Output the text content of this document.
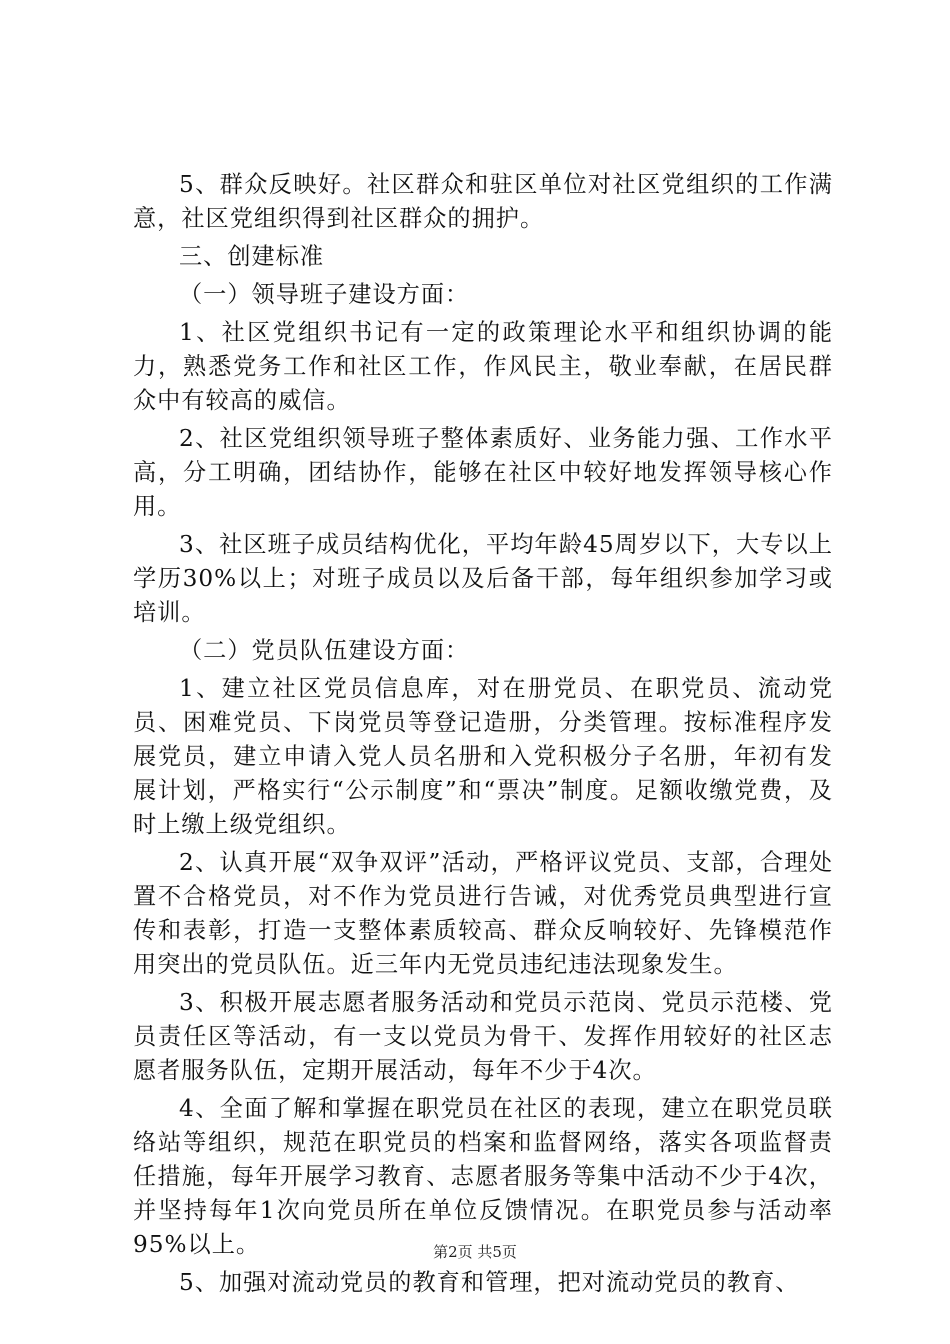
5、群众反映好。社区群众和驻区单位对社区党组织的工作满意，社区党组织得到社区群众的拥护。

三、创建标准

（一）领导班子建设方面：

1、社区党组织书记有一定的政策理论水平和组织协调的能力，熟悉党务工作和社区工作，作风民主，敬业奉献，在居民群众中有较高的威信。

2、社区党组织领导班子整体素质好、业务能力强、工作水平高，分工明确，团结协作，能够在社区中较好地发挥领导核心作用。

3、社区班子成员结构优化，平均年龄45周岁以下，大专以上学历30%以上；对班子成员以及后备干部，每年组织参加学习或培训。

（二）党员队伍建设方面：

1、建立社区党员信息库，对在册党员、在职党员、流动党员、困难党员、下岗党员等登记造册，分类管理。按标准程序发展党员，建立申请入党人员名册和入党积极分子名册，年初有发展计划，严格实行“公示制度”和“票决”制度。足额收缴党费，及时上缴上级党组织。

2、认真开展“双争双评”活动，严格评议党员、支部，合理处置不合格党员，对不作为党员进行告诫，对优秀党员典型进行宣传和表彰，打造一支整体素质较高、群众反响较好、先锋模范作用突出的党员队伍。近三年内无党员违纪违法现象发生。

3、积极开展志愿者服务活动和党员示范岗、党员示范楼、党员责任区等活动，有一支以党员为骨干、发挥作用较好的社区志愿者服务队伍，定期开展活动，每年不少于4次。

4、全面了解和掌握在职党员在社区的表现，建立在职党员联络站等组织，规范在职党员的档案和监督网络，落实各项监督责任措施，每年开展学习教育、志愿者服务等集中活动不少于4次，并坚持每年1次向党员所在单位反馈情况。在职党员参与活动率95%以上。

5、加强对流动党员的教育和管理，把对流动党员的教育、

第2页 共5页
